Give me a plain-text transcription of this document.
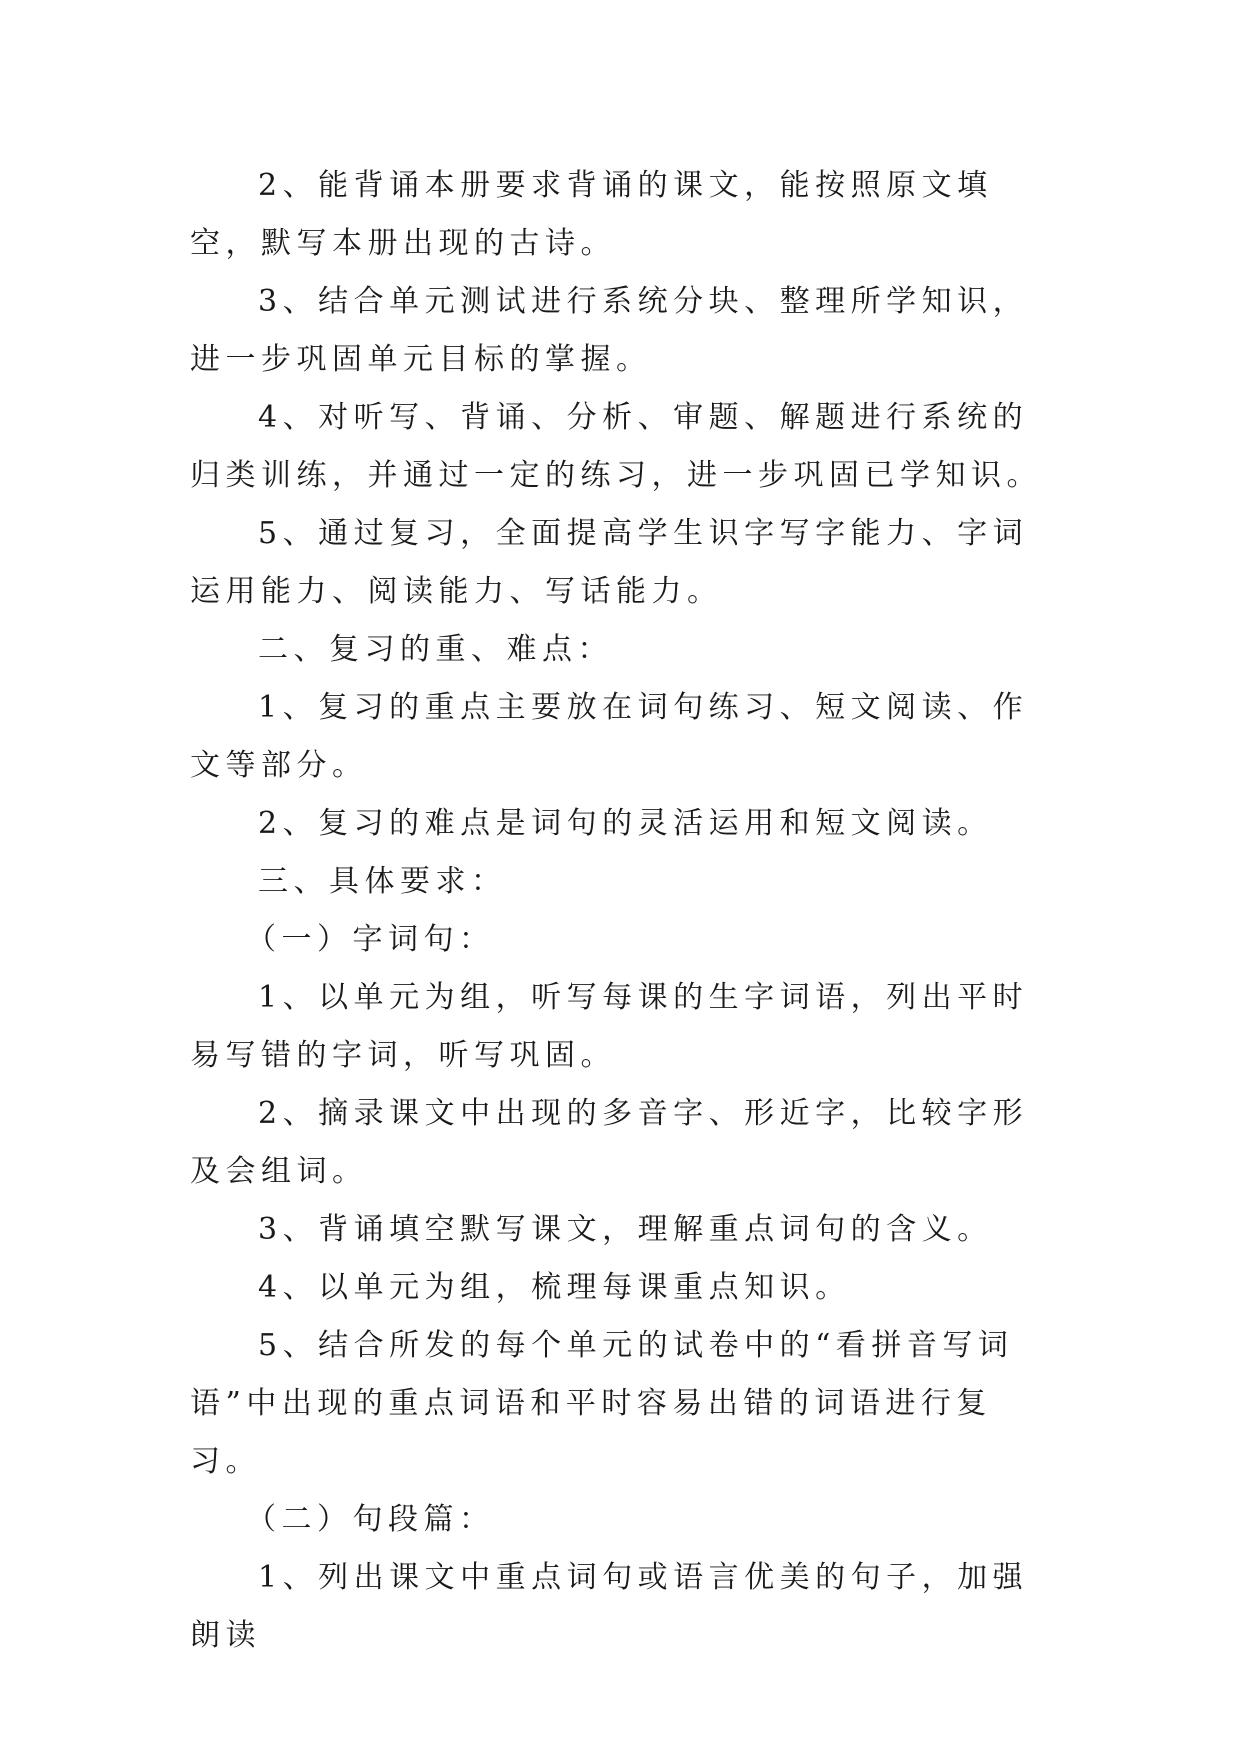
2、能背诵本册要求背诵的课文，能按照原文填空，默写本册出现的古诗。

3、结合单元测试进行系统分块、整理所学知识，进一步巩固单元目标的掌握。

4、对听写、背诵、分析、审题、解题进行系统的归类训练，并通过一定的练习，进一步巩固已学知识。

5、通过复习，全面提高学生识字写字能力、字词运用能力、阅读能力、写话能力。

二、复习的重、难点：

1、复习的重点主要放在词句练习、短文阅读、作文等部分。

2、复习的难点是词句的灵活运用和短文阅读。

三、具体要求：

（一）字词句：

1、以单元为组，听写每课的生字词语，列出平时易写错的字词，听写巩固。

2、摘录课文中出现的多音字、形近字，比较字形及会组词。

3、背诵填空默写课文，理解重点词句的含义。

4、以单元为组，梳理每课重点知识。

5、结合所发的每个单元的试卷中的“看拼音写词语”中出现的重点词语和平时容易出错的词语进行复习。

（二）句段篇：

1、列出课文中重点词句或语言优美的句子，加强朗读
